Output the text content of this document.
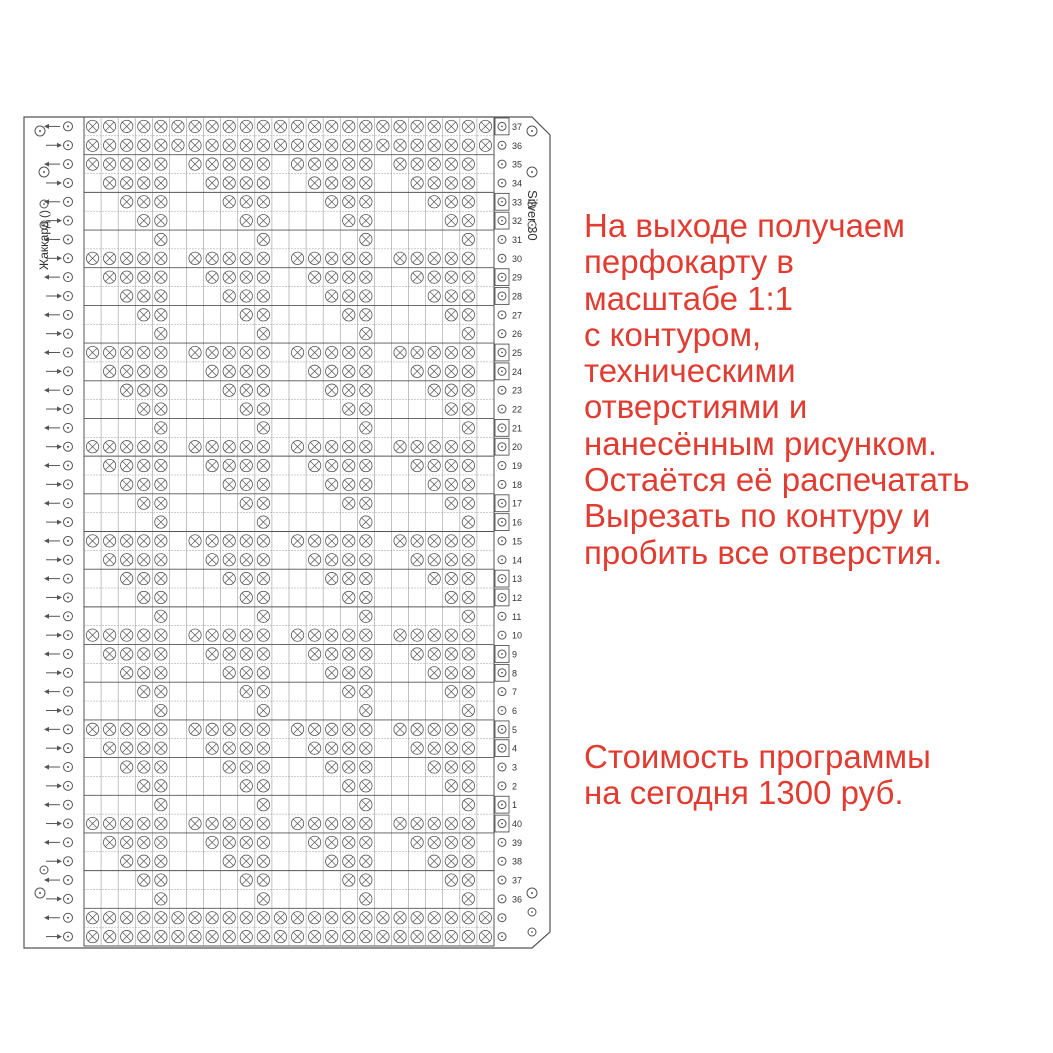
37
36
35
34
33
32
31
30
29
28
27
26
25
24
23
22
21
20
19
18
17
16
15
14
13
12
11
10
9
8
7
6
5
4
3
2
1
40
39
38
37
36
Жаккард ()	Silver 30 На выходе получаем
перфокарту в
масштабе 1:1
с контуром,
техническими
отверстиями и
нанесённым рисунком.
Остаётся её распечатать
Вырезать по контуру и
пробить все отверстия.
Стоимость программы
на сегодня 1300 руб.
